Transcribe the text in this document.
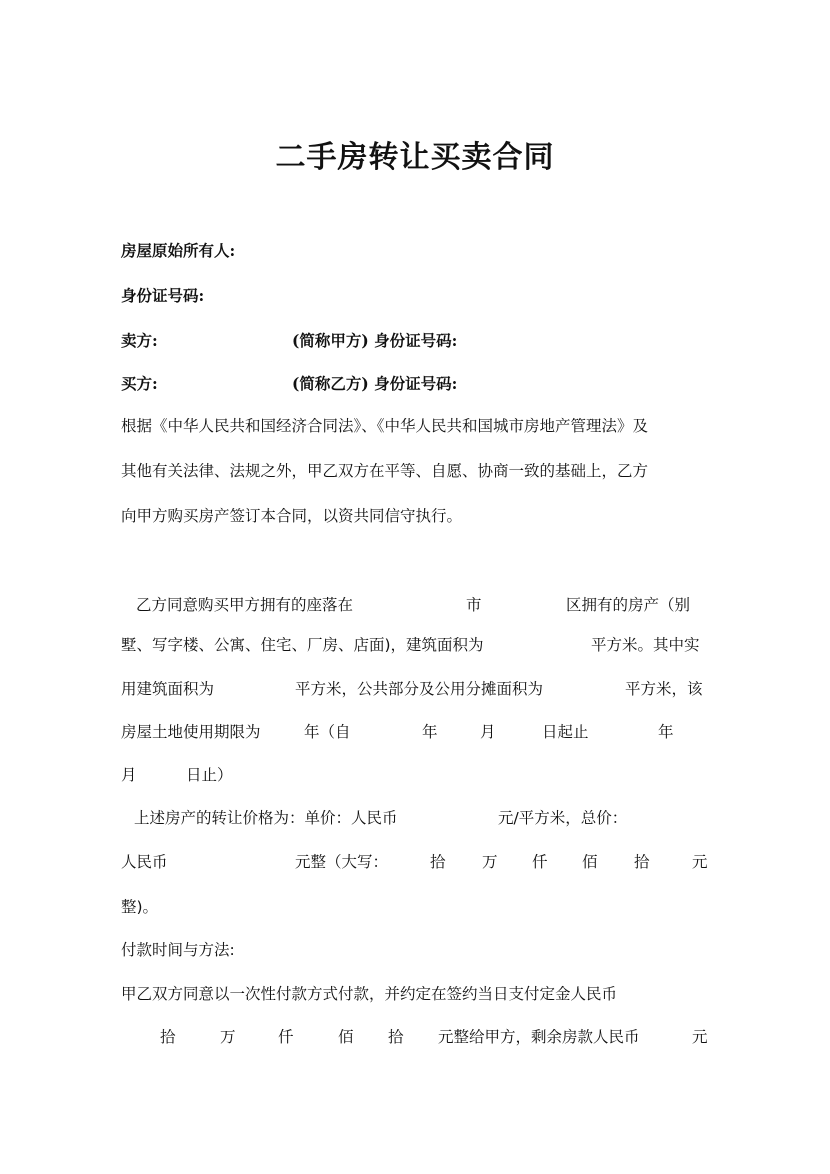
二手房转让买卖合同
房屋原始所有人:
身份证号码:
卖方:	(简称甲方) 身份证号码:
买方:	(简称乙方) 身份证号码:
根据《中华人民共和国经济合同法》、《中华人民共和国城市房地产管理法》及
其他有关法律、法规之外，甲乙双方在平等、自愿、协商一致的基础上，乙方
向甲方购买房产签订本合同，以资共同信守执行。
乙方同意购买甲方拥有的座落在	市	区拥有的房产（别
墅、写字楼、公寓、住宅、厂房、店面)，建筑面积为	平方米。其中实
用建筑面积为	平方米，公共部分及公用分摊面积为	平方米，该
房屋土地使用期限为	年（自	年	月	日起止	年
月	日止）
上述房产的转让价格为：单价：人民币	元/平方米，总价：
人民币	元整（大写：	拾 万 仟 佰 拾	元
整)。
付款时间与方法:
甲乙双方同意以一次性付款方式付款，并约定在签约当日支付定金人民币
拾	万	仟	佰 拾 元整给甲方，剩余房款人民币	元
